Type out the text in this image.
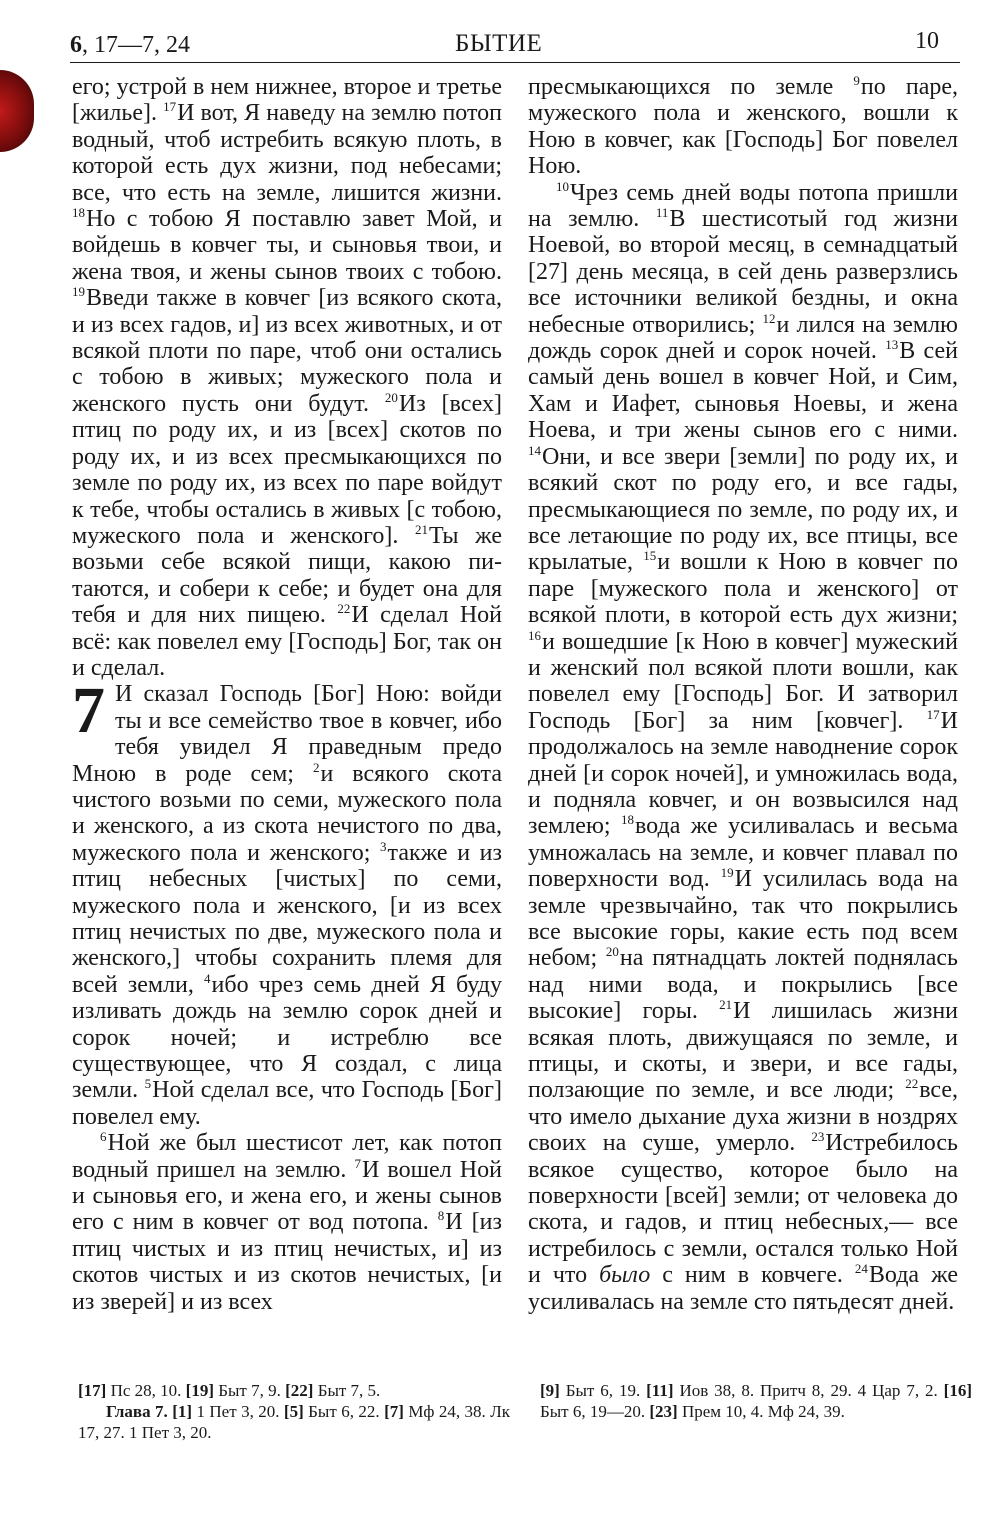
6, 17—7, 24	БЫТИЕ	10

его; устрой в нем нижнее, второе и третье [жилье]. $^{17}$И вот, Я наведу на землю потоп водный, чтоб истребить всякую плоть, в которой есть дух жизни, под небесами; все, что есть на земле, лишится жизни. $^{18}$Но с тобою Я поставлю завет Мой, и войдешь в ковчег ты, и сыновья твои, и жена твоя, и жены сынов твоих с тобою. $^{19}$Введи также в ковчег [из всякого скота, и из всех гадов, и] из всех животных, и от всякой плоти по паре, чтоб они остались с тобою в живых; мужеского пола и женского пусть они будут. $^{20}$Из [всех] птиц по роду их, и из [всех] скотов по роду их, и из всех пресмыкающихся по земле по роду их, из всех по паре войдут к тебе, чтобы остались в живых [с тобою, мужеского пола и женского]. $^{21}$Ты же возьми себе всякой пищи, какою питаются, и собери к себе; и будет она для тебя и для них пищею. $^{22}$И сделал Ной всё: как повелел ему [Господь] Бог, так он и сделал.

7 И сказал Господь [Бог] Ною: войди ты и все семейство твое в ковчег, ибо тебя увидел Я праведным предо Мною в роде сем; $^2$и всякого скота чистого возьми по семи, мужеского пола и женского, а из скота нечистого по два, мужеского пола и женского; $^3$также и из птиц небесных [чистых] по семи, мужеского пола и женского, [и из всех птиц нечистых по две, мужеского пола и женского,] чтобы сохранить племя для всей земли, $^4$ибо чрез семь дней Я буду изливать дождь на землю сорок дней и сорок ночей; и истреблю все существующее, что Я создал, с лица земли. $^5$Ной сделал все, что Господь [Бог] повелел ему.

$^6$Ной же был шестисот лет, как потоп водный пришел на землю. $^7$И вошел Ной и сыновья его, и жена его, и жены сынов его с ним в ковчег от вод потопа. $^8$И [из птиц чистых и из птиц нечистых, и] из скотов чистых и из скотов нечистых, [и из зверей] и из всех

пресмыкающихся по земле $^9$по паре, мужеского пола и женского, вошли к Ною в ковчег, как [Господь] Бог повелел Ною.

$^{10}$Чрез семь дней воды потопа пришли на землю. $^{11}$В шестисотый год жизни Ноевой, во второй месяц, в семнадцатый [27] день месяца, в сей день разверзлись все источники великой бездны, и окна небесные отворились; $^{12}$и лился на землю дождь сорок дней и сорок ночей. $^{13}$В сей самый день вошел в ковчег Ной, и Сим, Хам и Иафет, сыновья Ноевы, и жена Ноева, и три жены сынов его с ними. $^{14}$Они, и все звери [земли] по роду их, и всякий скот по роду его, и все гады, пресмыкающиеся по земле, по роду их, и все летающие по роду их, все птицы, все крылатые, $^{15}$и вошли к Ною в ковчег по паре [мужеского пола и женского] от всякой плоти, в которой есть дух жизни; $^{16}$и вошедшие [к Ною в ковчег] мужеский и женский пол всякой плоти вошли, как повелел ему [Господь] Бог. И затворил Господь [Бог] за ним [ковчег]. $^{17}$И продолжалось на земле наводнение сорок дней [и сорок ночей], и умножилась вода, и подняла ковчег, и он возвысился над землею; $^{18}$вода же усиливалась и весьма умножалась на земле, и ковчег плавал по поверхности вод. $^{19}$И усилилась вода на земле чрезвычайно, так что покрылись все высокие горы, какие есть под всем небом; $^{20}$на пятнадцать локтей поднялась над ними вода, и покрылись [все высокие] горы. $^{21}$И лишилась жизни всякая плоть, движущаяся по земле, и птицы, и скоты, и звери, и все гады, ползающие по земле, и все люди; $^{22}$все, что имело дыхание духа жизни в ноздрях своих на суше, умерло. $^{23}$Истребилось всякое существо, которое было на поверхности [всей] земли; от человека до скота, и гадов, и птиц небесных,— все истребилось с земли, остался только Ной и что было с ним в ковчеге. $^{24}$Вода же усиливалась на земле сто пятьдесят дней.

[17] Пс 28, 10. [19] Быт 7, 9. [22] Быт 7, 5.
Глава 7. [1] 1 Пет 3, 20. [5] Быт 6, 22. [7] Мф 24, 38. Лк 17, 27. 1 Пет 3, 20.
[9] Быт 6, 19. [11] Иов 38, 8. Притч 8, 29. 4 Цар 7, 2. [16] Быт 6, 19—20. [23] Прем 10, 4. Мф 24, 39.
